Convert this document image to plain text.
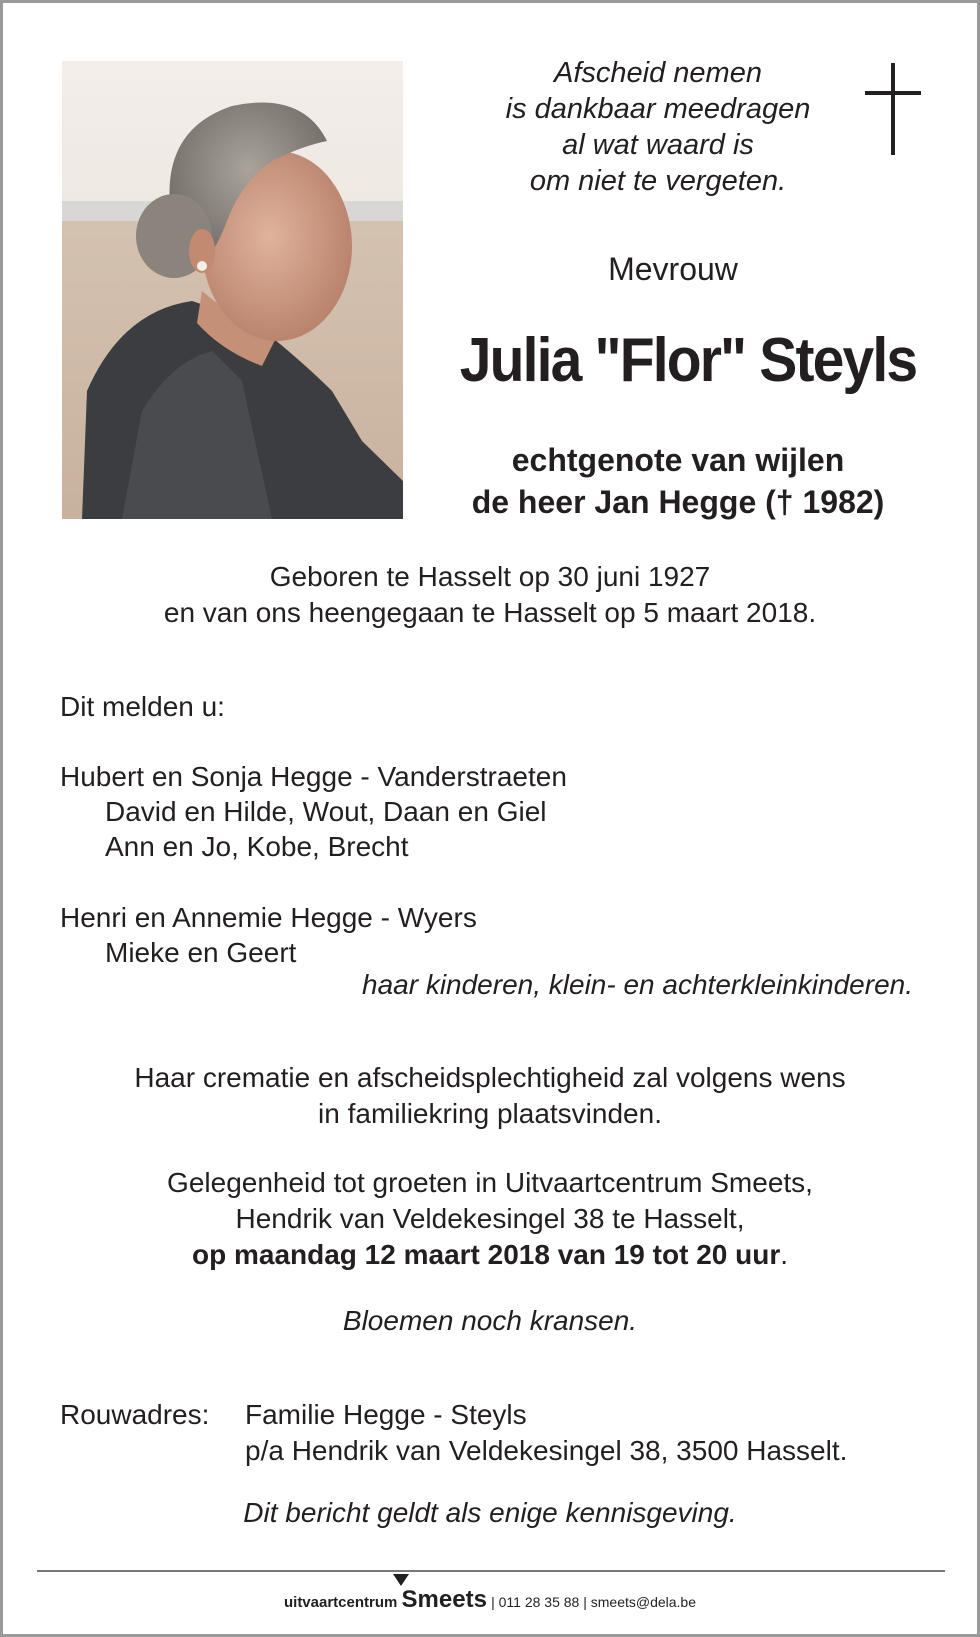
Afscheid nemen
is dankbaar meedragen
al wat waard is
om niet te vergeten.
Mevrouw
Julia "Flor" Steyls
echtgenote van wijlen
de heer Jan Hegge († 1982)
Geboren te Hasselt op 30 juni 1927
en van ons heengegaan te Hasselt op 5 maart 2018.
Dit melden u:
Hubert en Sonja Hegge - Vanderstraeten
David en Hilde, Wout, Daan en Giel
Ann en Jo, Kobe, Brecht
Henri en Annemie Hegge - Wyers
Mieke en Geert
haar kinderen, klein- en achterkleinkinderen.
Haar crematie en afscheidsplechtigheid zal volgens wens
in familiekring plaatsvinden.
Gelegenheid tot groeten in Uitvaartcentrum Smeets,
Hendrik van Veldekesingel 38 te Hasselt,
op maandag 12 maart 2018 van 19 tot 20 uur.
Bloemen noch kransen.
Rouwadres: Familie Hegge - Steyls
p/a Hendrik van Veldekesingel 38, 3500 Hasselt.
Dit bericht geldt als enige kennisgeving.
uitvaartcentrum Smeets | 011 28 35 88 | smeets@dela.be
